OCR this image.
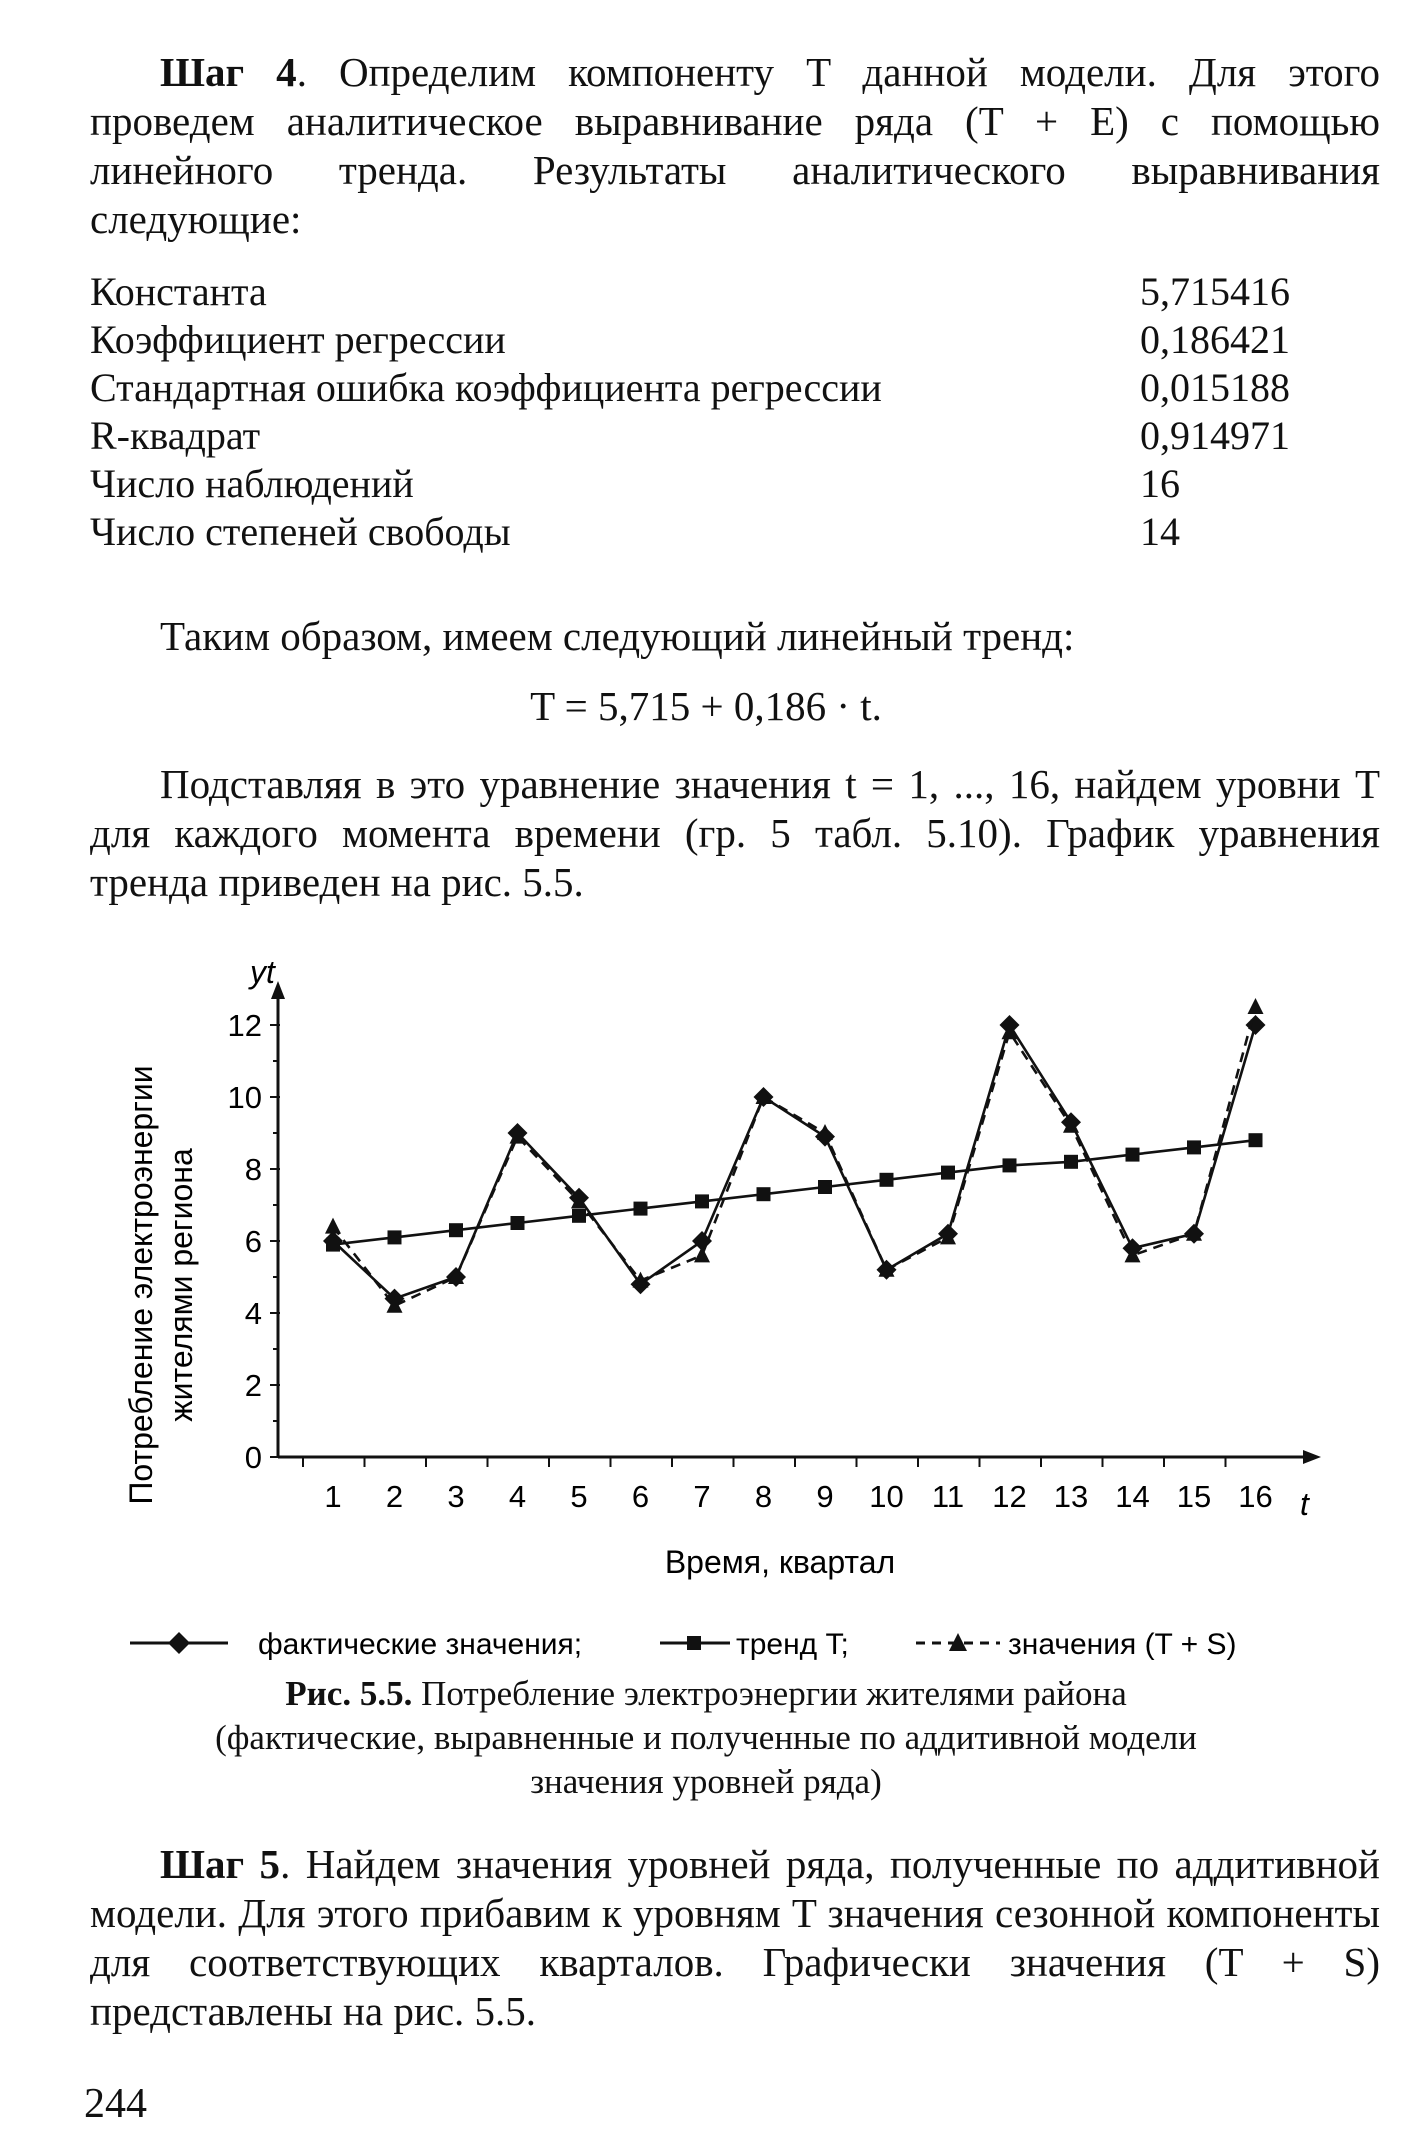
Шаг 4. Определим компоненту T данной модели. Для этого проведем аналитическое выравнивание ряда (T + E) с помощью линейного тренда. Результаты аналитического выравнивания следующие:

Константа	5,715416
Коэффициент регрессии	0,186421
Стандартная ошибка коэффициента регрессии	0,015188
R-квадрат	0,914971
Число наблюдений	16
Число степеней свободы	14

Таким образом, имеем следующий линейный тренд:

T = 5,715 + 0,186 · t.

Подставляя в это уравнение значения t = 1, ..., 16, найдем уровни T для каждого момента времени (гр. 5 табл. 5.10). График уравнения тренда приведен на рис. 5.5.

0
2
4
6
8
10
12
1 2 3 4 5 6 7 8 9 10 11 12 13 14 15 16
yt
t
Потребление электроэнергии жителями региона
Время, квартал
фактические значения;	тренд T;	значения (T + S)
Рис. 5.5. Потребление электроэнергии жителями района
(фактические, выравненные и полученные по аддитивной модели
значения уровней ряда)

Шаг 5. Найдем значения уровней ряда, полученные по аддитивной модели. Для этого прибавим к уровням T значения сезонной компоненты для соответствующих кварталов. Графически значения (T + S) представлены на рис. 5.5.

244
